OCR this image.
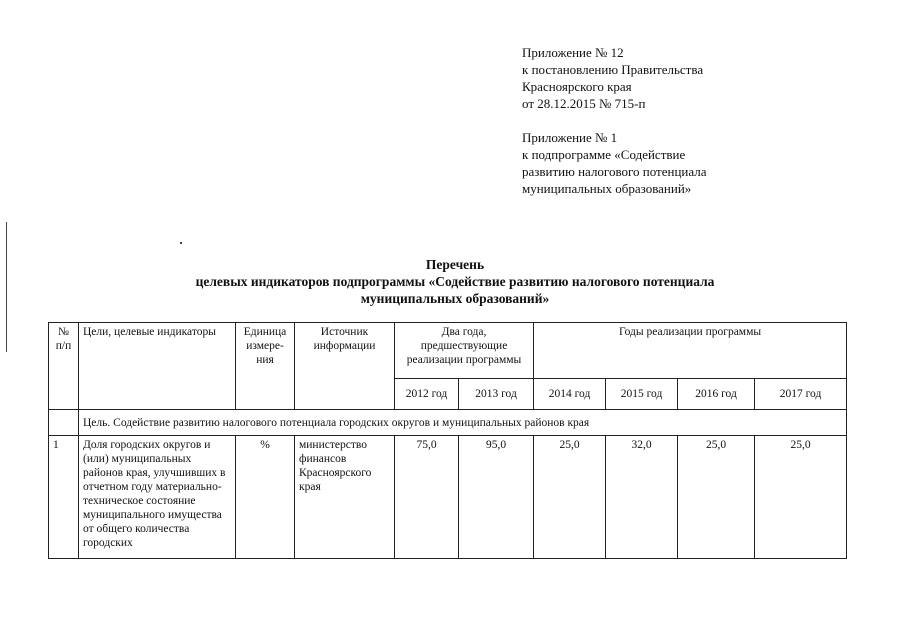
Приложение № 12
к постановлению Правительства
Красноярского края
от 28.12.2015 № 715-п
Приложение № 1
к подпрограмме «Содействие
развитию налогового потенциала
муниципальных образований»
Перечень
целевых индикаторов подпрограммы «Содействие развитию налогового потенциала
муниципальных образований»
№ п/п	Цели, целевые индикаторы	Единица измере-ния	Источник информации	Два года, предшествующие реализации программы		Годы реализации программы			
				2012 год	2013 год	2014 год	2015 год	2016 год	2017 год
	Цель. Содействие развитию налогового потенциала городских округов и муниципальных районов края								
1	Доля городских округов и (или) муниципальных районов края, улучшивших в отчетном году материально-техническое состояние муниципального имущества от общего количества городских	%	министерство финансов Красноярского края	75,0	95,0	25,0	32,0	25,0	25,0
